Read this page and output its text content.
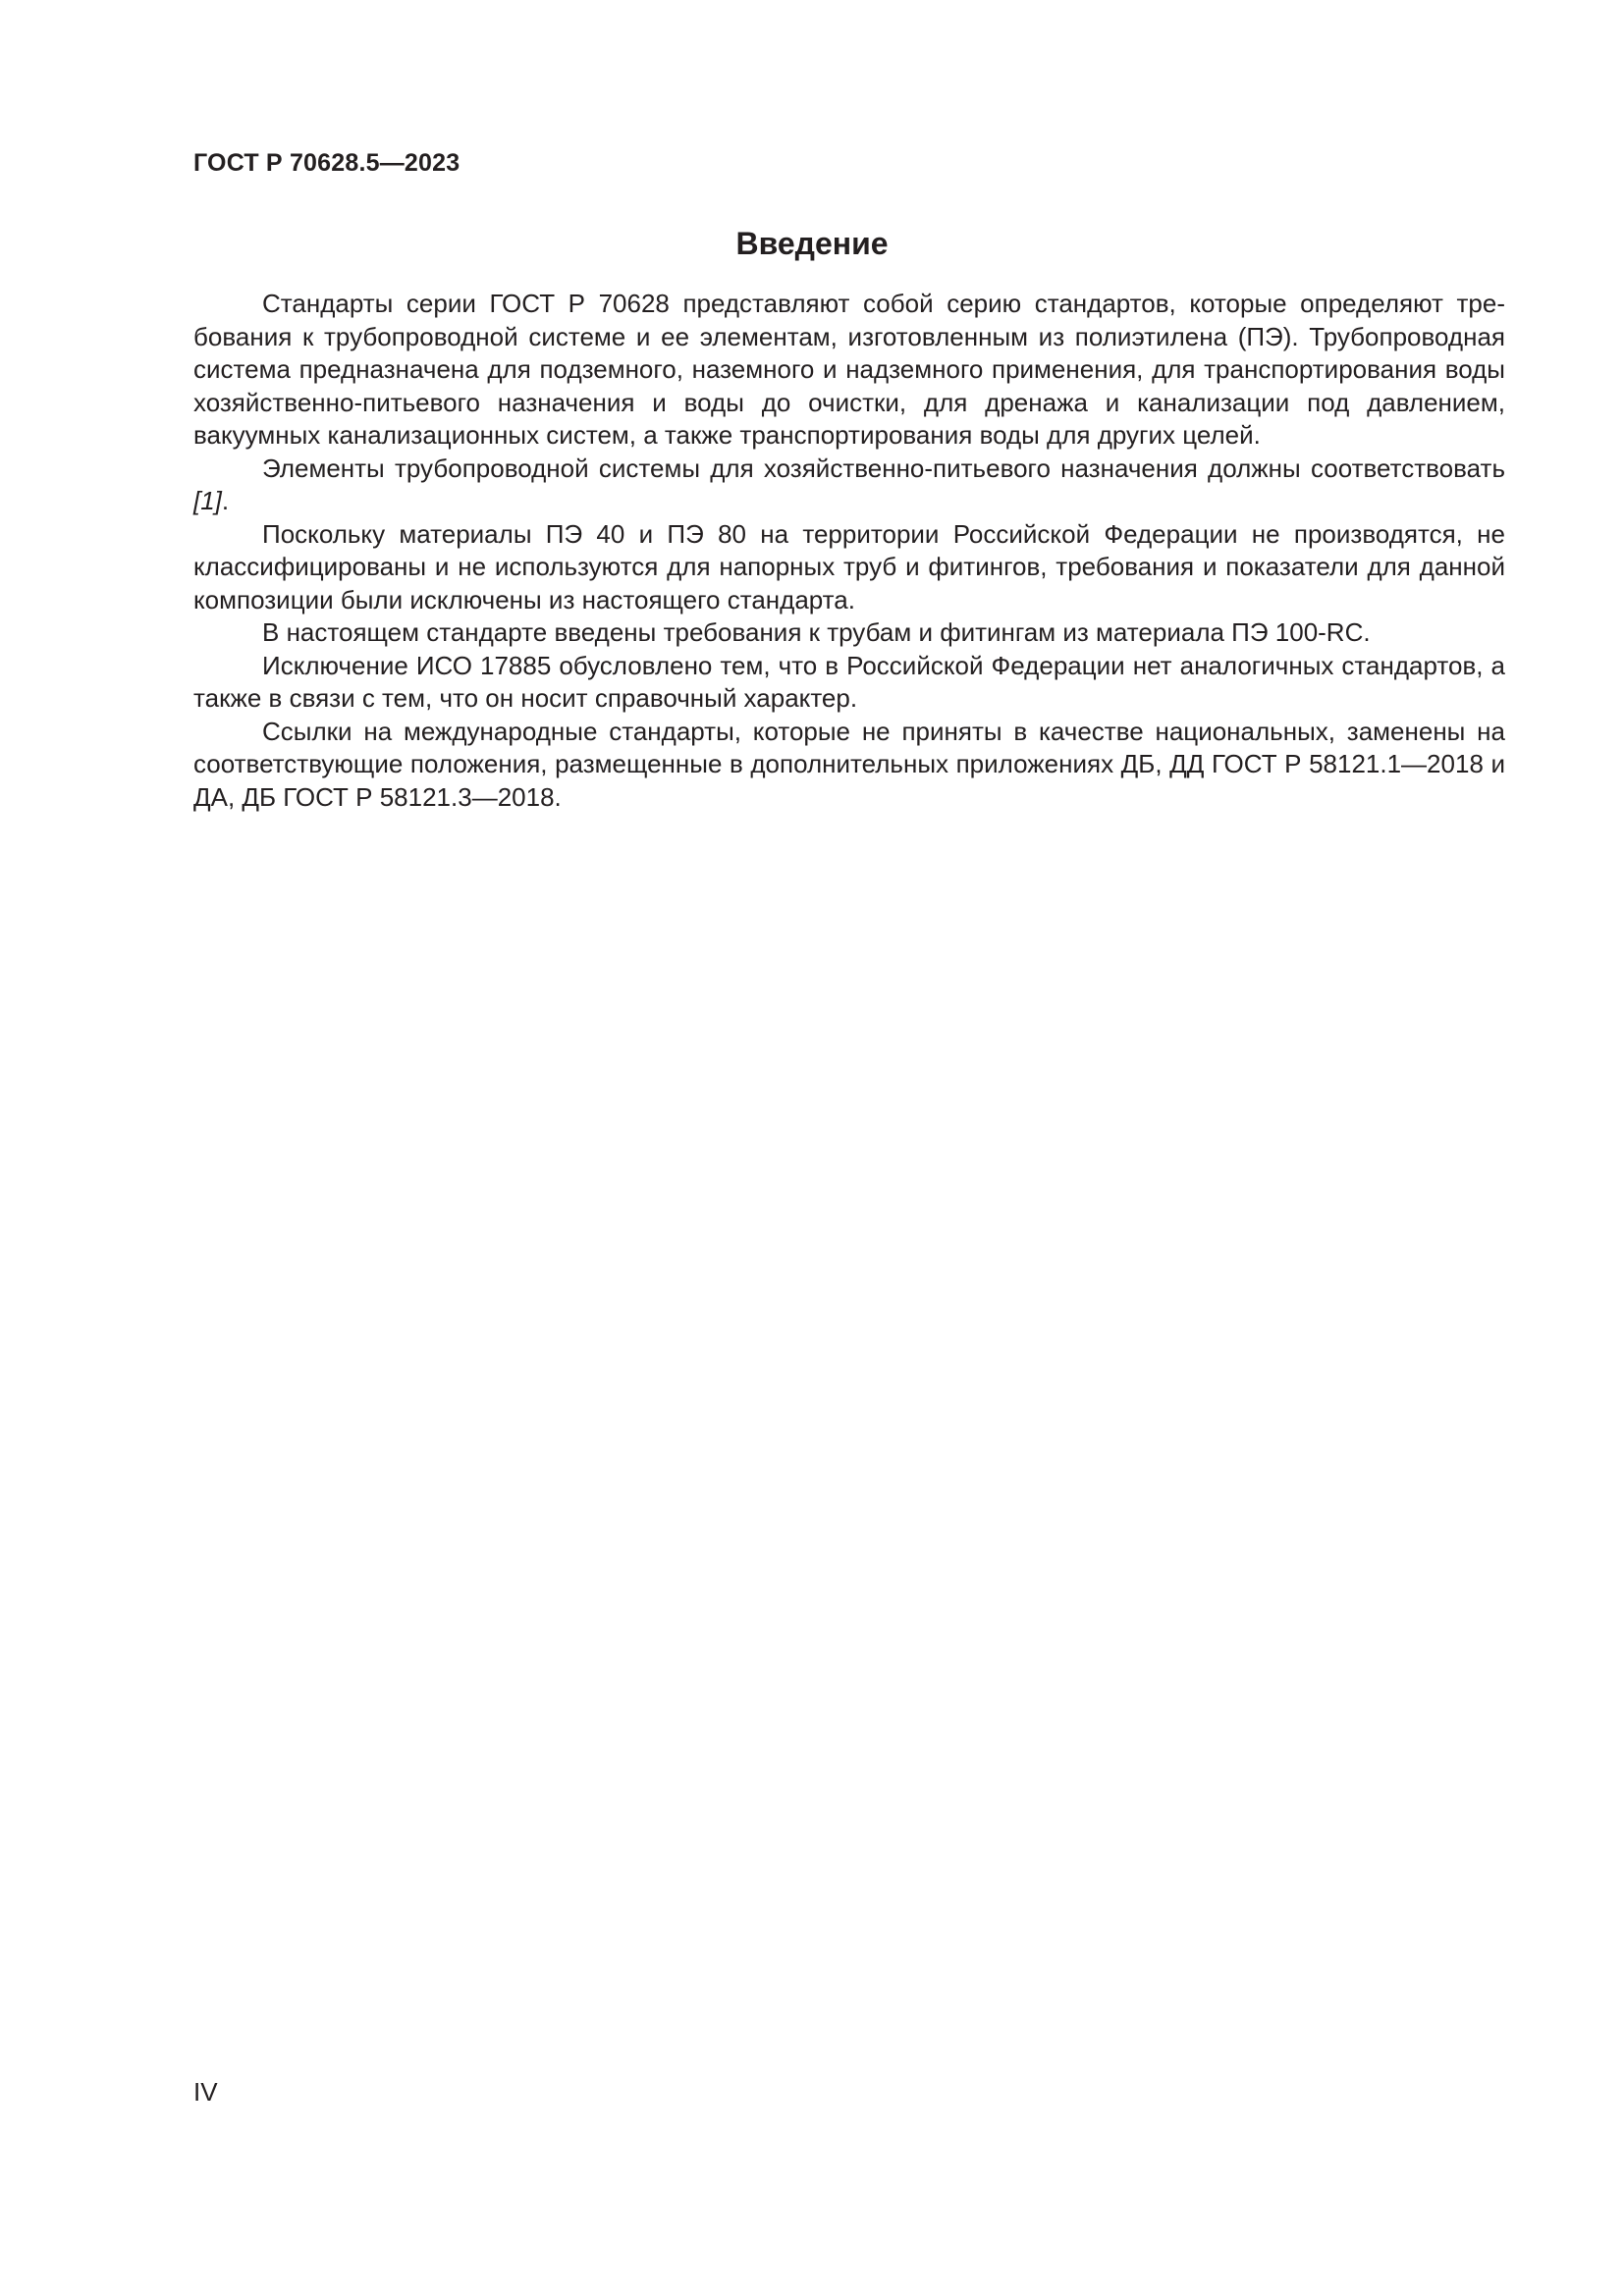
ГОСТ Р 70628.5—2023

Введение

Стандарты серии ГОСТ Р 70628 представляют собой серию стандартов, которые определяют требования к трубопроводной системе и ее элементам, изготовленным из полиэтилена (ПЭ). Трубопроводная система предназначена для подземного, наземного и надземного применения, для транспортирования воды хозяйственно-питьевого назначения и воды до очистки, для дренажа и канализации под давлением, вакуумных канализационных систем, а также транспортирования воды для других целей.

Элементы трубопроводной системы для хозяйственно-питьевого назначения должны соответствовать [1].

Поскольку материалы ПЭ 40 и ПЭ 80 на территории Российской Федерации не производятся, не классифицированы и не используются для напорных труб и фитингов, требования и показатели для данной композиции были исключены из настоящего стандарта.

В настоящем стандарте введены требования к трубам и фитингам из материала ПЭ 100-RC.

Исключение ИСО 17885 обусловлено тем, что в Российской Федерации нет аналогичных стандартов, а также в связи с тем, что он носит справочный характер.

Ссылки на международные стандарты, которые не приняты в качестве национальных, заменены на соответствующие положения, размещенные в дополнительных приложениях ДБ, ДД ГОСТ Р 58121.1—2018 и ДА, ДБ ГОСТ Р 58121.3—2018.

IV
